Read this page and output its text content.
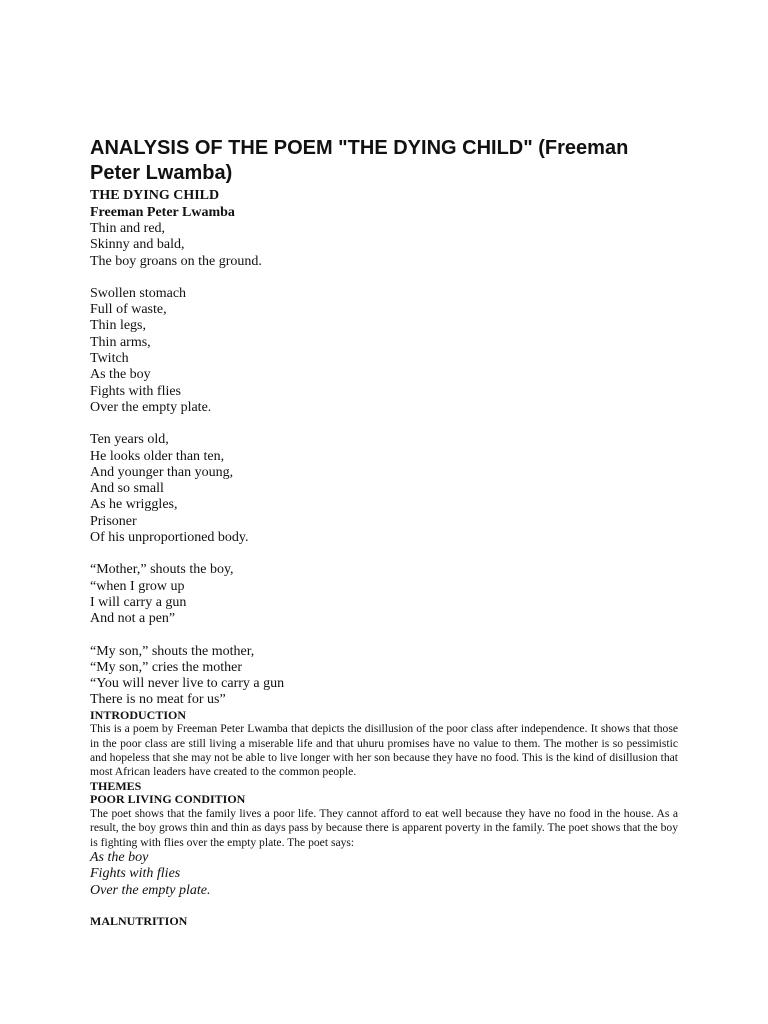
ANALYSIS OF THE POEM "THE DYING CHILD" (Freeman Peter Lwamba)

THE DYING CHILD

Freeman Peter Lwamba

Thin and red,
Skinny and bald,
The boy groans on the ground.
Swollen stomach
Full of waste,
Thin legs,
Thin arms,
Twitch
As the boy
Fights with flies
Over the empty plate.
Ten years old,
He looks older than ten,
And younger than young,
And so small
As he wriggles,
Prisoner
Of his unproportioned body.
“Mother,” shouts the boy,
“when I grow up
I will carry a gun
And not a pen”
“My son,” shouts the mother,
“My son,” cries the mother
“You will never live to carry a gun
There is no meat for us”

INTRODUCTION

This is a poem by Freeman Peter Lwamba that depicts the disillusion of the poor class after independence. It shows that those in the poor class are still living a miserable life and that uhuru promises have no value to them. The mother is so pessimistic and hopeless that she may not be able to live longer with her son because they have no food. This is the kind of disillusion that most African leaders have created to the common people.

THEMES

POOR LIVING CONDITION

The poet shows that the family lives a poor life. They cannot afford to eat well because they have no food in the house. As a result, the boy grows thin and thin as days pass by because there is apparent poverty in the family. The poet shows that the boy is fighting with flies over the empty plate. The poet says:

As the boy
Fights with flies
Over the empty plate.

MALNUTRITION
